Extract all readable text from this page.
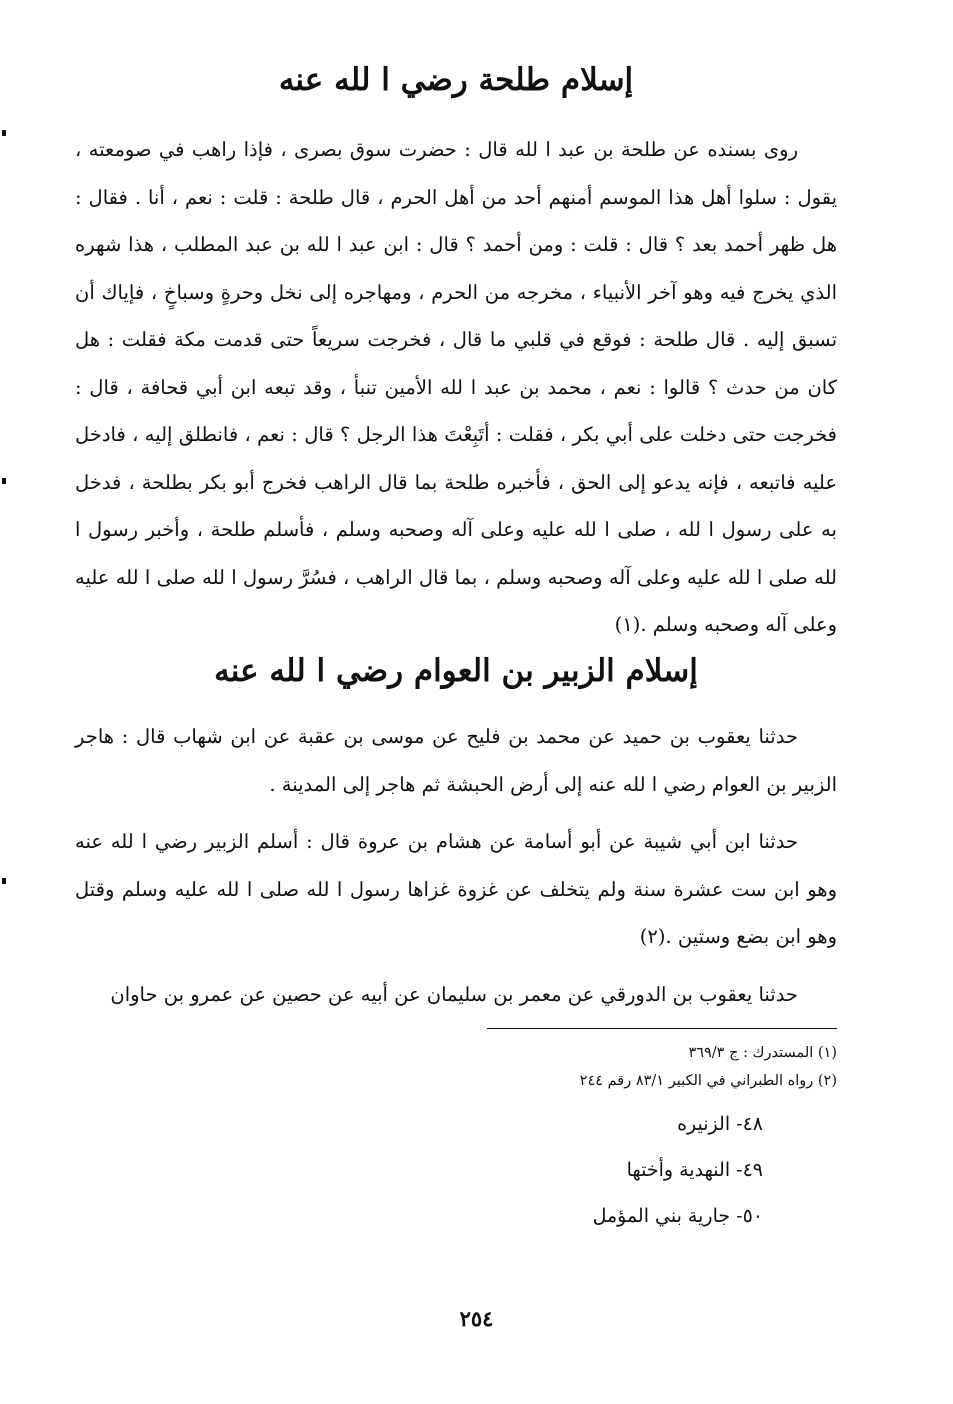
إسلام طلحة رضي ا لله عنه

روى بسنده عن طلحة بن عبد ا لله قال : حضرت سوق بصرى ، فإذا راهب في صومعته ، يقول : سلوا أهل هذا الموسم أمنهم أحد من أهل الحرم ، قال طلحة : قلت : نعم ، أنا . فقال : هل ظهر أحمد بعد ؟ قال : قلت : ومن أحمد ؟ قال : ابن عبد ا لله بن عبد المطلب ، هذا شهره الذي يخرج فيه وهو آخر الأنبياء ، مخرجه من الحرم ، ومهاجره إلى نخل وحرةٍ وسباخٍ ، فإياك أن تسبق إليه . قال طلحة : فوقع في قلبي ما قال ، فخرجت سريعاً حتى قدمت مكة فقلت : هل كان من حدث ؟ قالوا : نعم ، محمد بن عبد ا لله الأمين تنبأ ، وقد تبعه ابن أبي قحافة ، قال : فخرجت حتى دخلت على أبي بكر ، فقلت : أتَبِعْتَ هذا الرجل ؟ قال : نعم ، فانطلق إليه ، فادخل عليه فاتبعه ، فإنه يدعو إلى الحق ، فأخبره طلحة بما قال الراهب فخرج أبو بكر بطلحة ، فدخل به على رسول ا لله ، صلى ا لله عليه وعلى آله وصحبه وسلم ، فأسلم طلحة ، وأخبر رسول ا لله صلى ا لله عليه وعلى آله وصحبه وسلم ، بما قال الراهب ، فسُرَّ رسول ا لله صلى ا لله عليه وعلى آله وصحبه وسلم .(١)

إسلام الزبير بن العوام رضي ا لله عنه

حدثنا يعقوب بن حميد عن محمد بن فليح عن موسى بن عقبة عن ابن شهاب قال : هاجر الزبير بن العوام رضي ا لله عنه إلى أرض الحبشة ثم هاجر إلى المدينة .

حدثنا ابن أبي شيبة عن أبو أسامة عن هشام بن عروة قال : أسلم الزبير رضي ا لله عنه وهو ابن ست عشرة سنة ولم يتخلف عن غزوة غزاها رسول ا لله صلى ا لله عليه وسلم وقتل وهو ابن بضع وستين .(٢)

حدثنا يعقوب بن الدورقي عن معمر بن سليمان عن أبيه عن حصين عن عمرو بن حاوان

(١) المستدرك : ج ٣٦٩/٣
(٢) رواه الطبراني في الكبير ٨٣/١ رقم ٢٤٤
٤٨- الزنيره
٤٩- النهدية وأختها
٥٠- جارية بني المؤمل
٢٥٤
